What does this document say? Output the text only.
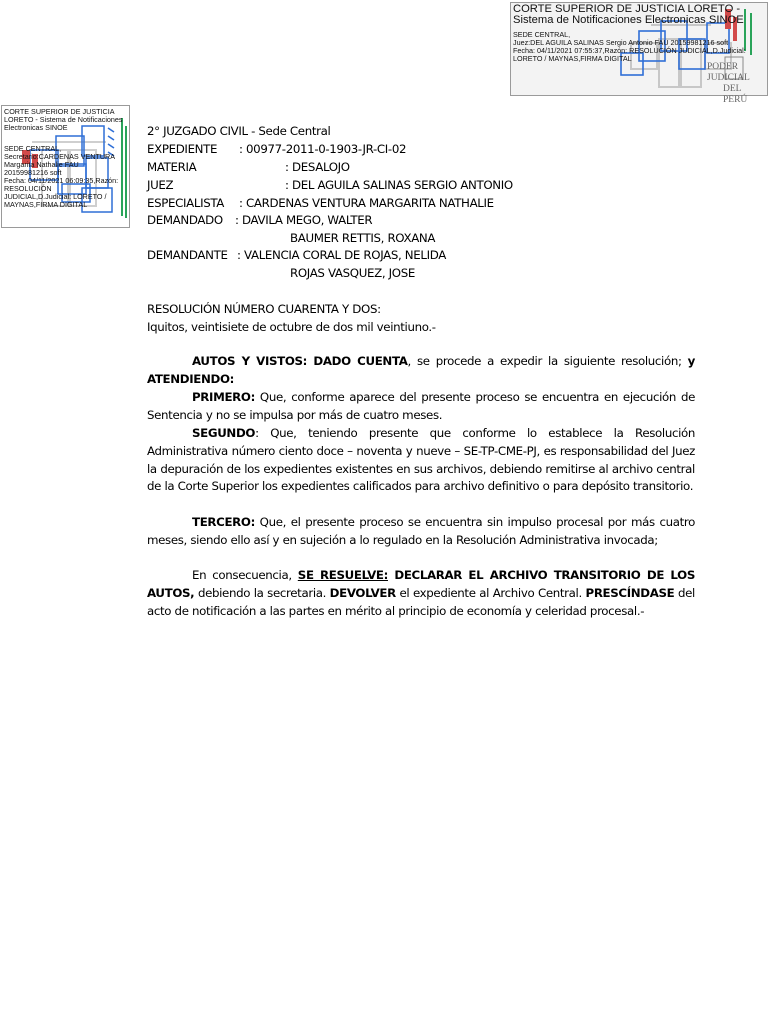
CORTE SUPERIOR DE JUSTICIA LORETO - Sistema de Notificaciones Electronicas SINOE
SEDE CENTRAL,
Juez:DEL AGUILA SALINAS Sergio Antonio FAU 20159981216 soft
Fecha: 04/11/2021 07:55:37,Razón: RESOLUCIÓN JUDICIAL,D.Judicial:
LORETO / MAYNAS,FIRMA DIGITAL
PODER JUDICIAL
DEL PERÚ
CORTE SUPERIOR DE JUSTICIA LORETO - Sistema de Notificaciones Electronicas SINOE
SEDE CENTRAL,
Secretario:CARDENAS VENTURA Margarita Nathalie FAU
20159981216 soft
Fecha: 04/11/2021 06:09:35,Razón:
RESOLUCIÓN
JUDICIAL,D.Judicial: LORETO /
MAYNAS,FIRMA DIGITAL
2° JUZGADO CIVIL - Sede Central
EXPEDIENTE : 00977-2011-0-1903-JR-CI-02
MATERIA	: DESALOJO
JUEZ	: DEL AGUILA SALINAS SERGIO ANTONIO
ESPECIALISTA : CARDENAS VENTURA MARGARITA NATHALIE
DEMANDADO : DAVILA MEGO, WALTER
BAUMER RETTIS, ROXANA
DEMANDANTE : VALENCIA CORAL DE ROJAS, NELIDA
ROJAS VASQUEZ, JOSE
RESOLUCIÓN NÚMERO CUARENTA Y DOS:
Iquitos, veintisiete de octubre de dos mil veintiuno.-
AUTOS Y VISTOS: DADO CUENTA, se procede a expedir la siguiente resolución; y ATENDIENDO:
PRIMERO: Que, conforme aparece del presente proceso se encuentra en ejecución de Sentencia y no se impulsa por más de cuatro meses.
SEGUNDO: Que, teniendo presente que conforme lo establece la Resolución Administrativa número ciento doce – noventa y nueve – SE-TP-CME-PJ, es responsabilidad del Juez la depuración de los expedientes existentes en sus archivos, debiendo remitirse al archivo central de la Corte Superior los expedientes calificados para archivo definitivo o para depósito transitorio.
TERCERO: Que, el presente proceso se encuentra sin impulso procesal por más cuatro meses, siendo ello así y en sujeción a lo regulado en la Resolución Administrativa invocada;
En consecuencia, SE RESUELVE: DECLARAR EL ARCHIVO TRANSITORIO DE LOS AUTOS, debiendo la secretaria. DEVOLVER el expediente al Archivo Central. PRESCÍNDASE del acto de notificación a las partes en mérito al principio de economía y celeridad procesal.-
